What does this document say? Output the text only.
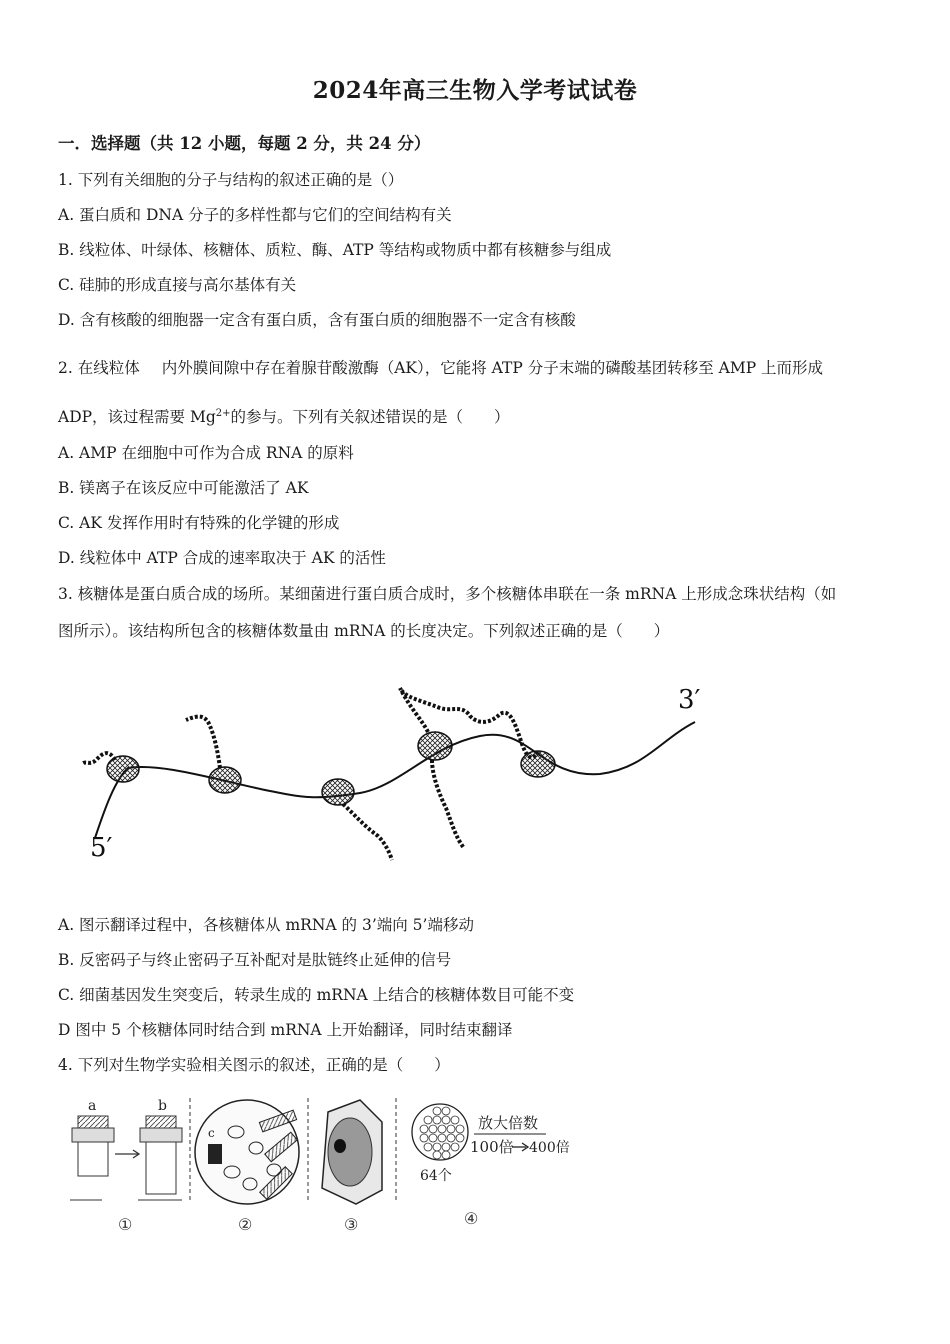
2024年高三生物入学考试试卷
一．选择题（共 12 小题，每题 2 分，共 24 分）
1. 下列有关细胞的分子与结构的叙述正确的是（）
A. 蛋白质和 DNA 分子的多样性都与它们的空间结构有关
B. 线粒体、叶绿体、核糖体、质粒、酶、ATP 等结构或物质中都有核糖参与组成
C. 硅肺的形成直接与高尔基体有关
D. 含有核酸的细胞器一定含有蛋白质，含有蛋白质的细胞器不一定含有核酸
2. 在线粒体 内外膜间隙中存在着腺苷酸激酶（AK），它能将 ATP 分子末端的磷酸基团转移至 AMP 上而形成
ADP，该过程需要 $Mg^{2+}$的参与。下列有关叙述错误的是（　　）
A. AMP 在细胞中可作为合成 RNA 的原料
B. 镁离子在该反应中可能激活了 AK
C. AK 发挥作用时有特殊的化学键的形成
D. 线粒体中 ATP 合成的速率取决于 AK 的活性
3. 核糖体是蛋白质合成的场所。某细菌进行蛋白质合成时，多个核糖体串联在一条 mRNA 上形成念珠状结构（如
图所示）。该结构所包含的核糖体数量由 mRNA 的长度决定。下列叙述正确的是（　　）
3′
5′
A. 图示翻译过程中，各核糖体从 mRNA 的 3’端向 5’端移动
B. 反密码子与终止密码子互补配对是肽链终止延伸的信号
C. 细菌基因发生突变后，转录生成的 mRNA 上结合的核糖体数目可能不变
D 图中 5 个核糖体同时结合到 mRNA 上开始翻译，同时结束翻译
4. 下列对生物学实验相关图示的叙述，正确的是（　　）
a	b
①
c
②	③
放大倍数
100倍 400倍
64个
④
